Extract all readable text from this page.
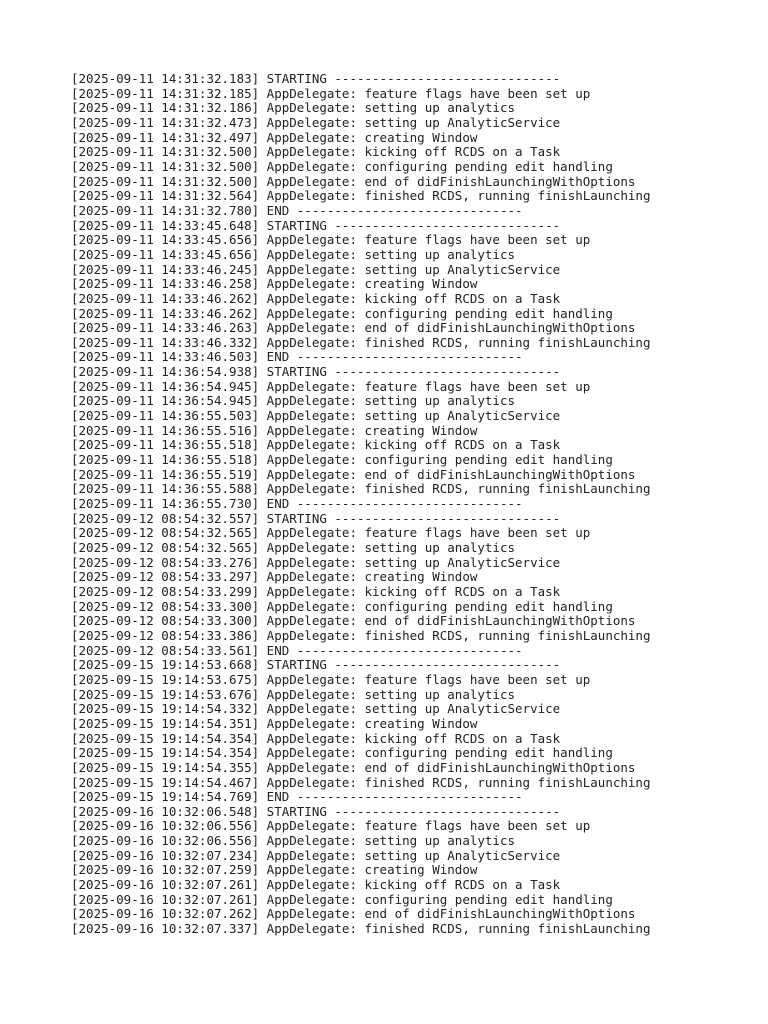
[2025-09-11 14:31:32.183] STARTING ------------------------------
[2025-09-11 14:31:32.185] AppDelegate: feature flags have been set up
[2025-09-11 14:31:32.186] AppDelegate: setting up analytics
[2025-09-11 14:31:32.473] AppDelegate: setting up AnalyticService
[2025-09-11 14:31:32.497] AppDelegate: creating Window
[2025-09-11 14:31:32.500] AppDelegate: kicking off RCDS on a Task
[2025-09-11 14:31:32.500] AppDelegate: configuring pending edit handling
[2025-09-11 14:31:32.500] AppDelegate: end of didFinishLaunchingWithOptions
[2025-09-11 14:31:32.564] AppDelegate: finished RCDS, running finishLaunching
[2025-09-11 14:31:32.780] END ------------------------------
[2025-09-11 14:33:45.648] STARTING ------------------------------
[2025-09-11 14:33:45.656] AppDelegate: feature flags have been set up
[2025-09-11 14:33:45.656] AppDelegate: setting up analytics
[2025-09-11 14:33:46.245] AppDelegate: setting up AnalyticService
[2025-09-11 14:33:46.258] AppDelegate: creating Window
[2025-09-11 14:33:46.262] AppDelegate: kicking off RCDS on a Task
[2025-09-11 14:33:46.262] AppDelegate: configuring pending edit handling
[2025-09-11 14:33:46.263] AppDelegate: end of didFinishLaunchingWithOptions
[2025-09-11 14:33:46.332] AppDelegate: finished RCDS, running finishLaunching
[2025-09-11 14:33:46.503] END ------------------------------
[2025-09-11 14:36:54.938] STARTING ------------------------------
[2025-09-11 14:36:54.945] AppDelegate: feature flags have been set up
[2025-09-11 14:36:54.945] AppDelegate: setting up analytics
[2025-09-11 14:36:55.503] AppDelegate: setting up AnalyticService
[2025-09-11 14:36:55.516] AppDelegate: creating Window
[2025-09-11 14:36:55.518] AppDelegate: kicking off RCDS on a Task
[2025-09-11 14:36:55.518] AppDelegate: configuring pending edit handling
[2025-09-11 14:36:55.519] AppDelegate: end of didFinishLaunchingWithOptions
[2025-09-11 14:36:55.588] AppDelegate: finished RCDS, running finishLaunching
[2025-09-11 14:36:55.730] END ------------------------------
[2025-09-12 08:54:32.557] STARTING ------------------------------
[2025-09-12 08:54:32.565] AppDelegate: feature flags have been set up
[2025-09-12 08:54:32.565] AppDelegate: setting up analytics
[2025-09-12 08:54:33.276] AppDelegate: setting up AnalyticService
[2025-09-12 08:54:33.297] AppDelegate: creating Window
[2025-09-12 08:54:33.299] AppDelegate: kicking off RCDS on a Task
[2025-09-12 08:54:33.300] AppDelegate: configuring pending edit handling
[2025-09-12 08:54:33.300] AppDelegate: end of didFinishLaunchingWithOptions
[2025-09-12 08:54:33.386] AppDelegate: finished RCDS, running finishLaunching
[2025-09-12 08:54:33.561] END ------------------------------
[2025-09-15 19:14:53.668] STARTING ------------------------------
[2025-09-15 19:14:53.675] AppDelegate: feature flags have been set up
[2025-09-15 19:14:53.676] AppDelegate: setting up analytics
[2025-09-15 19:14:54.332] AppDelegate: setting up AnalyticService
[2025-09-15 19:14:54.351] AppDelegate: creating Window
[2025-09-15 19:14:54.354] AppDelegate: kicking off RCDS on a Task
[2025-09-15 19:14:54.354] AppDelegate: configuring pending edit handling
[2025-09-15 19:14:54.355] AppDelegate: end of didFinishLaunchingWithOptions
[2025-09-15 19:14:54.467] AppDelegate: finished RCDS, running finishLaunching
[2025-09-15 19:14:54.769] END ------------------------------
[2025-09-16 10:32:06.548] STARTING ------------------------------
[2025-09-16 10:32:06.556] AppDelegate: feature flags have been set up
[2025-09-16 10:32:06.556] AppDelegate: setting up analytics
[2025-09-16 10:32:07.234] AppDelegate: setting up AnalyticService
[2025-09-16 10:32:07.259] AppDelegate: creating Window
[2025-09-16 10:32:07.261] AppDelegate: kicking off RCDS on a Task
[2025-09-16 10:32:07.261] AppDelegate: configuring pending edit handling
[2025-09-16 10:32:07.262] AppDelegate: end of didFinishLaunchingWithOptions
[2025-09-16 10:32:07.337] AppDelegate: finished RCDS, running finishLaunching
